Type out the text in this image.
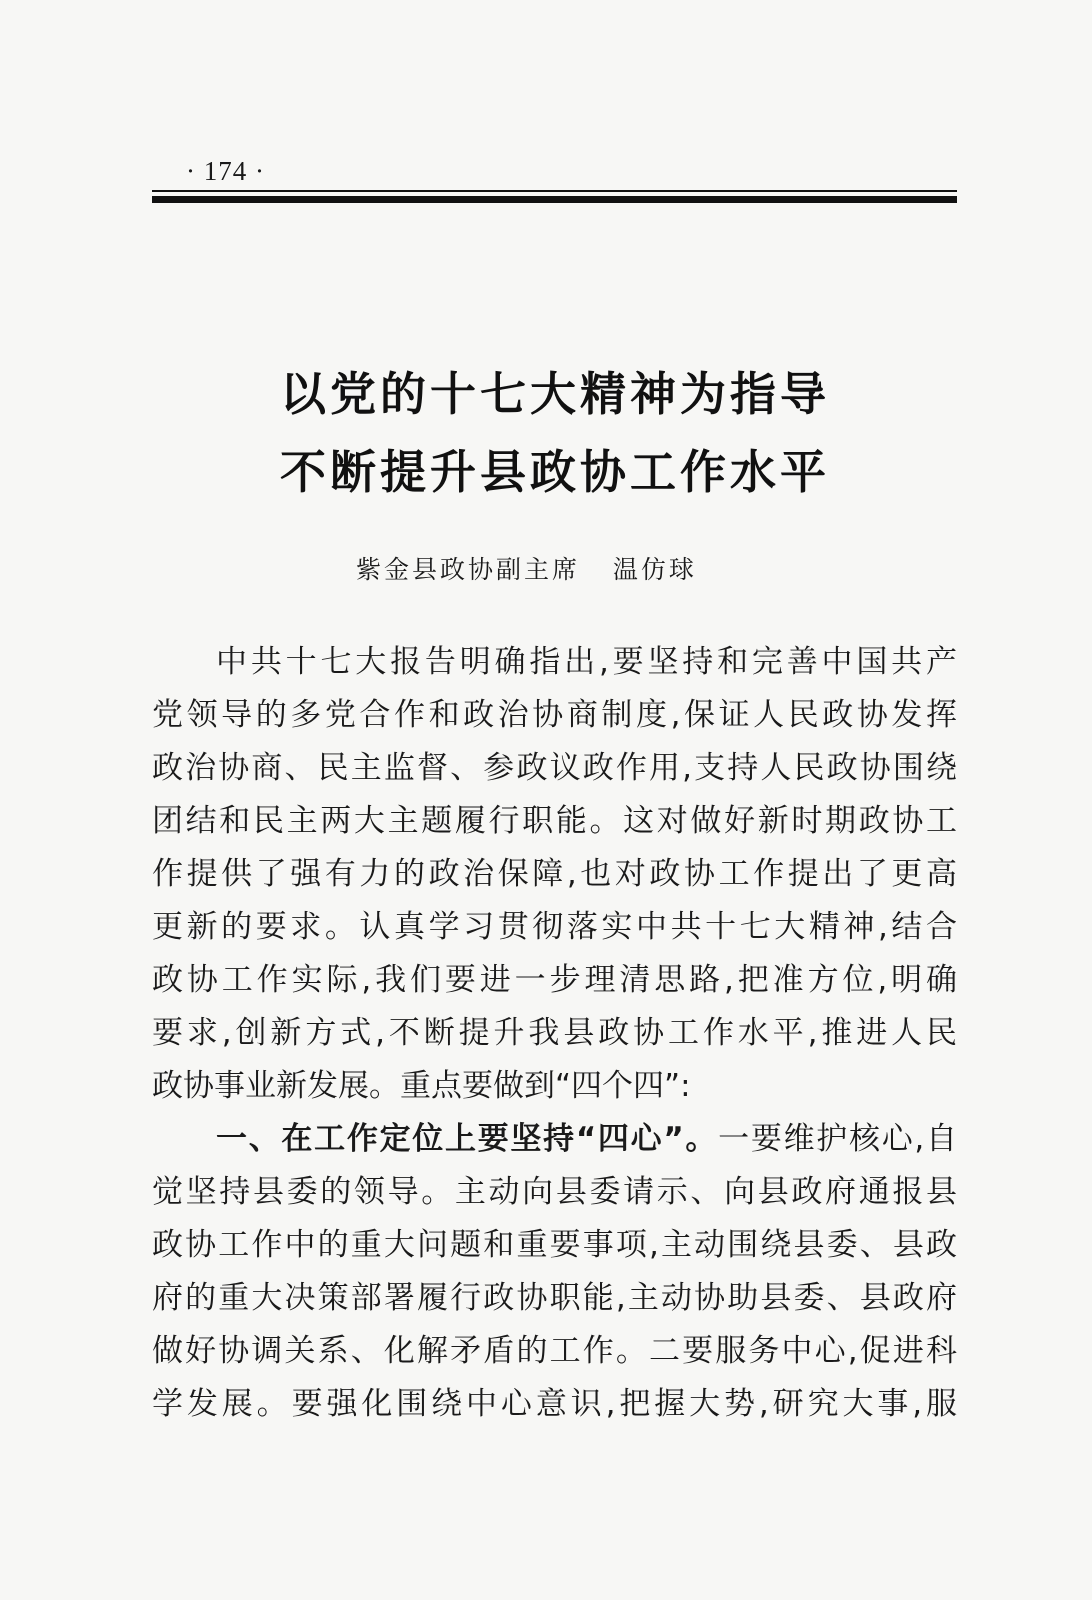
· 174 ·
以党的十七大精神为指导
不断提升县政协工作水平
紫金县政协副主席   温仿球
中共十七大报告明确指出,要坚持和完善中国共产
党领导的多党合作和政治协商制度,保证人民政协发挥
政治协商、民主监督、参政议政作用,支持人民政协围绕
团结和民主两大主题履行职能。这对做好新时期政协工
作提供了强有力的政治保障,也对政协工作提出了更高
更新的要求。认真学习贯彻落实中共十七大精神,结合
政协工作实际,我们要进一步理清思路,把准方位,明确
要求,创新方式,不断提升我县政协工作水平,推进人民
政协事业新发展。重点要做到“四个四”:
一、在工作定位上要坚持“四心”。一要维护核心,自
觉坚持县委的领导。主动向县委请示、向县政府通报县
政协工作中的重大问题和重要事项,主动围绕县委、县政
府的重大决策部署履行政协职能,主动协助县委、县政府
做好协调关系、化解矛盾的工作。二要服务中心,促进科
学发展。要强化围绕中心意识,把握大势,研究大事,服
